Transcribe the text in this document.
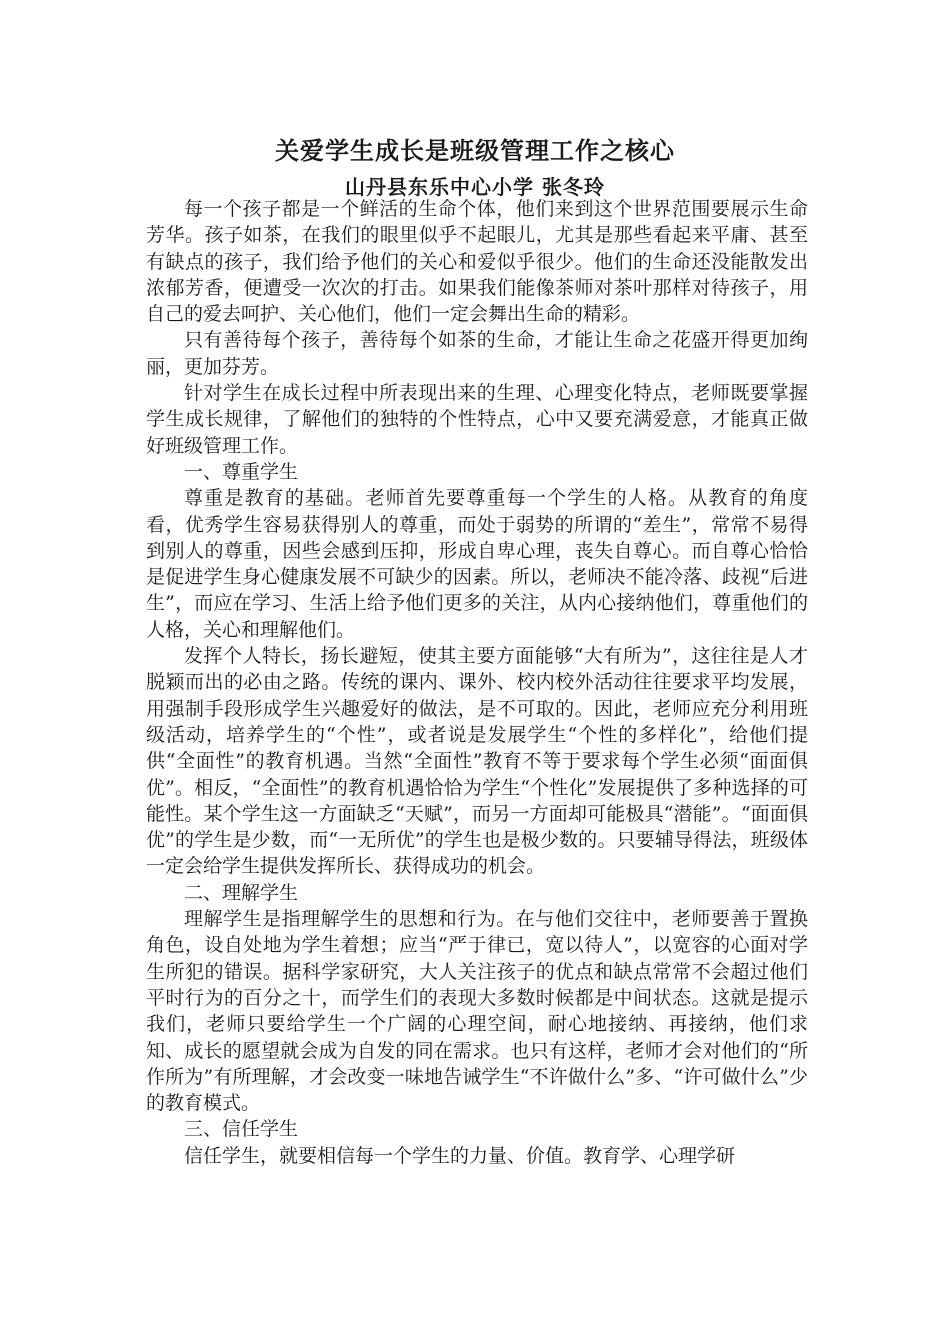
关爱学生成长是班级管理工作之核心
山丹县东乐中心小学 张冬玲

每一个孩子都是一个鲜活的生命个体，他们来到这个世界范围要展示生命芳华。孩子如茶，在我们的眼里似乎不起眼儿，尤其是那些看起来平庸、甚至有缺点的孩子，我们给予他们的关心和爱似乎很少。他们的生命还没能散发出浓郁芳香，便遭受一次次的打击。如果我们能像茶师对茶叶那样对待孩子，用自己的爱去呵护、关心他们，他们一定会舞出生命的精彩。

只有善待每个孩子，善待每个如茶的生命，才能让生命之花盛开得更加绚丽，更加芬芳。

针对学生在成长过程中所表现出来的生理、心理变化特点，老师既要掌握学生成长规律，了解他们的独特的个性特点，心中又要充满爱意，才能真正做好班级管理工作。

一、尊重学生

尊重是教育的基础。老师首先要尊重每一个学生的人格。从教育的角度看，优秀学生容易获得别人的尊重，而处于弱势的所谓的“差生”，常常不易得到别人的尊重，因些会感到压抑，形成自卑心理，丧失自尊心。而自尊心恰恰是促进学生身心健康发展不可缺少的因素。所以，老师决不能冷落、歧视“后进生”，而应在学习、生活上给予他们更多的关注，从内心接纳他们，尊重他们的人格，关心和理解他们。

发挥个人特长，扬长避短，使其主要方面能够“大有所为”，这往往是人才脱颖而出的必由之路。传统的课内、课外、校内校外活动往往要求平均发展，用强制手段形成学生兴趣爱好的做法，是不可取的。因此，老师应充分利用班级活动，培养学生的“个性”，或者说是发展学生“个性的多样化”，给他们提供“全面性”的教育机遇。当然“全面性”教育不等于要求每个学生必须“面面俱优”。相反，“全面性”的教育机遇恰恰为学生“个性化”发展提供了多种选择的可能性。某个学生这一方面缺乏“天赋”，而另一方面却可能极具“潜能”。“面面俱优”的学生是少数，而“一无所优”的学生也是极少数的。只要辅导得法，班级体一定会给学生提供发挥所长、获得成功的机会。

二、理解学生

理解学生是指理解学生的思想和行为。在与他们交往中，老师要善于置换角色，设自处地为学生着想；应当“严于律已，宽以待人”，以宽容的心面对学生所犯的错误。据科学家研究，大人关注孩子的优点和缺点常常不会超过他们平时行为的百分之十，而学生们的表现大多数时候都是中间状态。这就是提示我们，老师只要给学生一个广阔的心理空间，耐心地接纳、再接纳，他们求知、成长的愿望就会成为自发的同在需求。也只有这样，老师才会对他们的“所作所为”有所理解，才会改变一味地告诫学生“不许做什么”多、“许可做什么”少的教育模式。

三、信任学生

信任学生，就要相信每一个学生的力量、价值。教育学、心理学研
